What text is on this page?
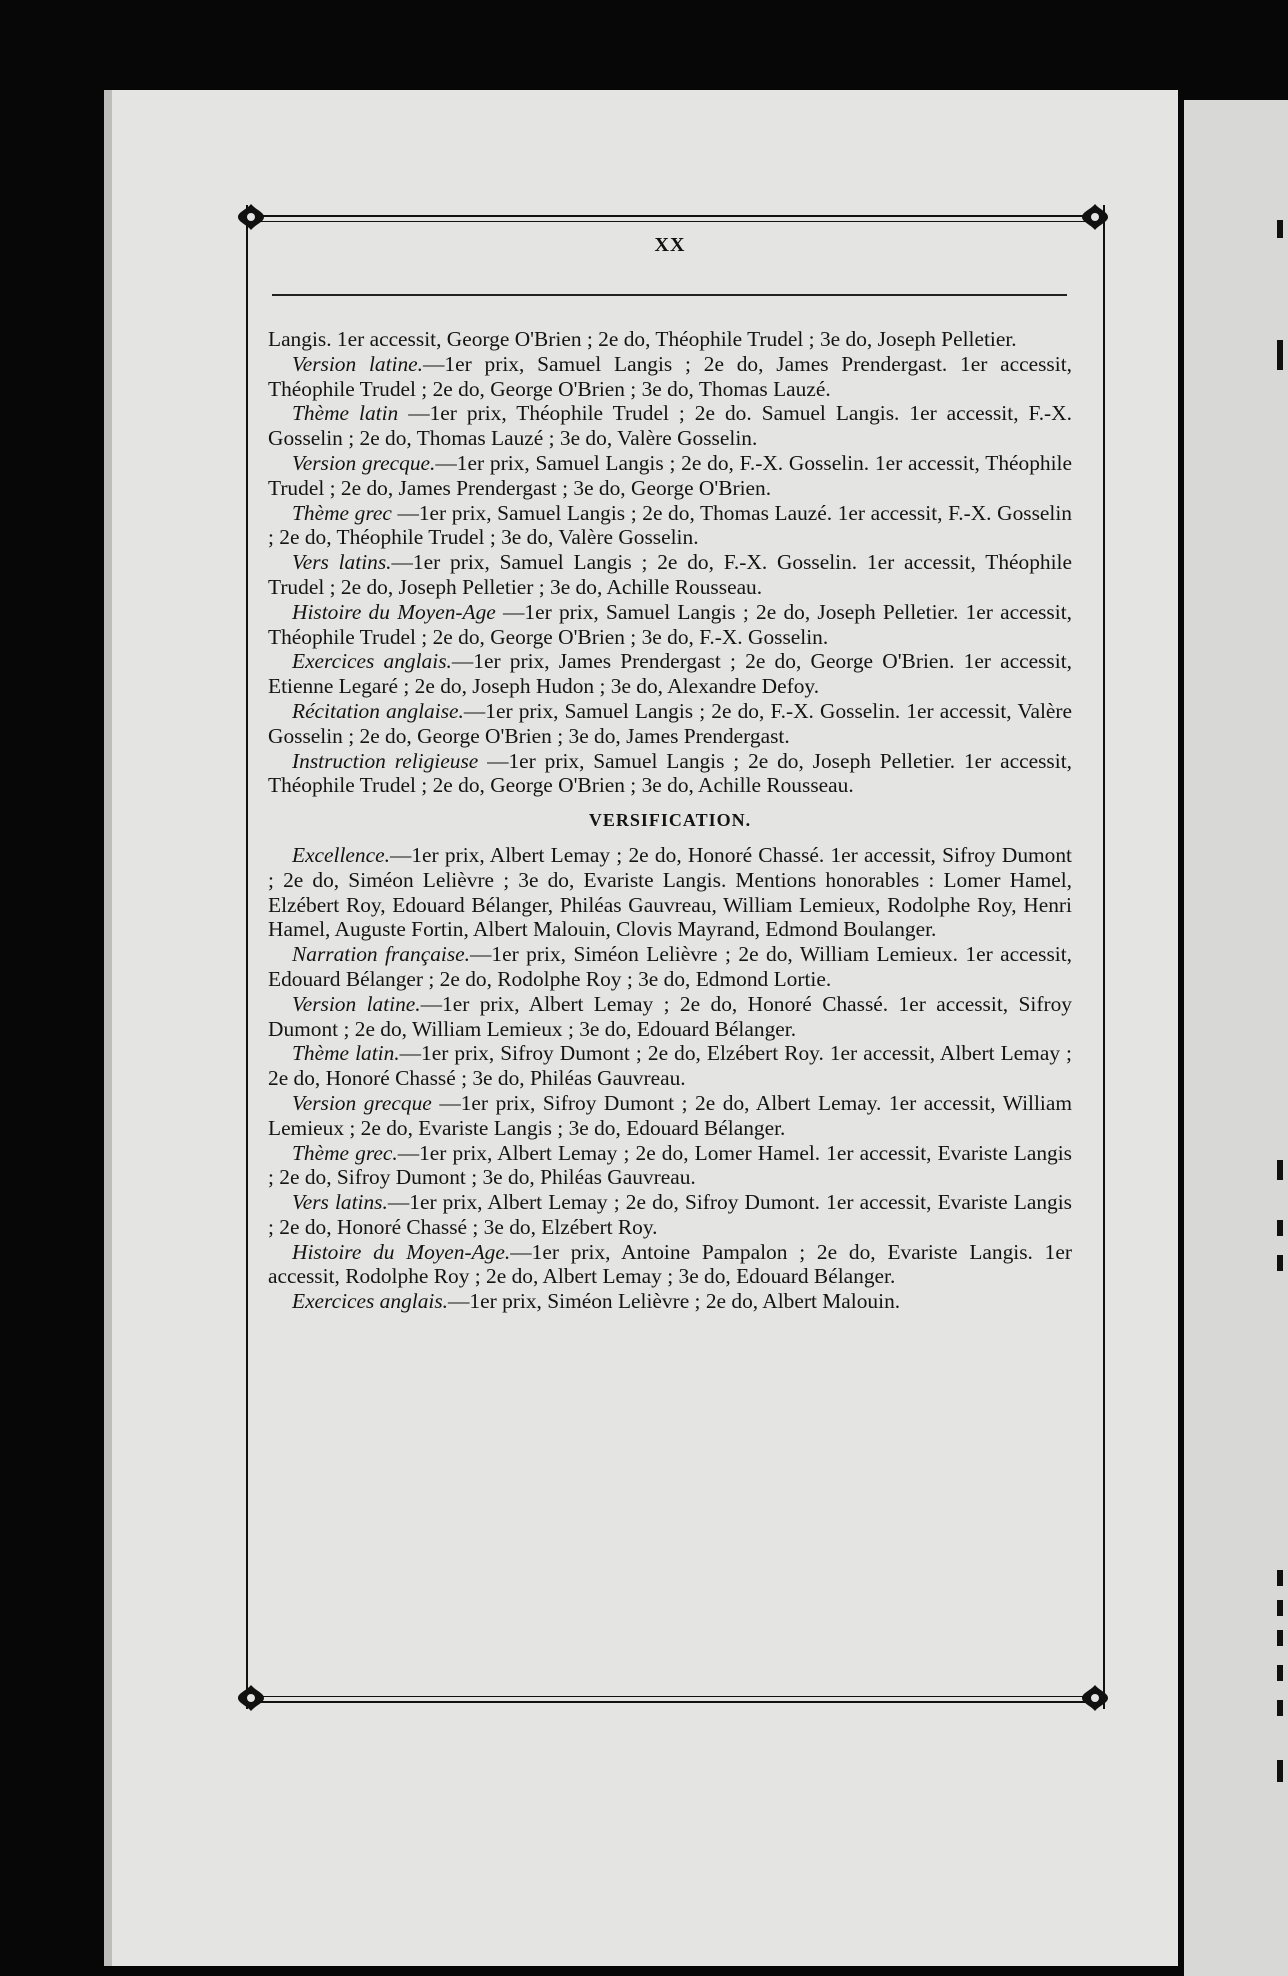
XX

Langis. 1er accessit, George O'Brien ; 2e do, Théophile Trudel ; 3e do, Joseph Pelletier.

Version latine.—1er prix, Samuel Langis ; 2e do, James Prendergast. 1er accessit, Théophile Trudel ; 2e do, George O'Brien ; 3e do, Thomas Lauzé.

Thème latin —1er prix, Théophile Trudel ; 2e do. Samuel Langis. 1er accessit, F.-X. Gosselin ; 2e do, Thomas Lauzé ; 3e do, Valère Gosselin.

Version grecque.—1er prix, Samuel Langis ; 2e do, F.-X. Gosselin. 1er accessit, Théophile Trudel ; 2e do, James Prendergast ; 3e do, George O'Brien.

Thème grec —1er prix, Samuel Langis ; 2e do, Thomas Lauzé. 1er accessit, F.-X. Gosselin ; 2e do, Théophile Trudel ; 3e do, Valère Gosselin.

Vers latins.—1er prix, Samuel Langis ; 2e do, F.-X. Gosselin. 1er accessit, Théophile Trudel ; 2e do, Joseph Pelletier ; 3e do, Achille Rousseau.

Histoire du Moyen-Age —1er prix, Samuel Langis ; 2e do, Joseph Pelletier. 1er accessit, Théophile Trudel ; 2e do, George O'Brien ; 3e do, F.-X. Gosselin.

Exercices anglais.—1er prix, James Prendergast ; 2e do, George O'Brien. 1er accessit, Etienne Legaré ; 2e do, Joseph Hudon ; 3e do, Alexandre Defoy.

Récitation anglaise.—1er prix, Samuel Langis ; 2e do, F.-X. Gosselin. 1er accessit, Valère Gosselin ; 2e do, George O'Brien ; 3e do, James Prendergast.

Instruction religieuse —1er prix, Samuel Langis ; 2e do, Joseph Pelletier. 1er accessit, Théophile Trudel ; 2e do, George O'Brien ; 3e do, Achille Rousseau.

VERSIFICATION.

Excellence.—1er prix, Albert Lemay ; 2e do, Honoré Chassé. 1er accessit, Sifroy Dumont ; 2e do, Siméon Lelièvre ; 3e do, Evariste Langis. Mentions honorables : Lomer Hamel, Elzébert Roy, Edouard Bélanger, Philéas Gauvreau, William Lemieux, Rodolphe Roy, Henri Hamel, Auguste Fortin, Albert Malouin, Clovis Mayrand, Edmond Boulanger.

Narration française.—1er prix, Siméon Lelièvre ; 2e do, William Lemieux. 1er accessit, Edouard Bélanger ; 2e do, Rodolphe Roy ; 3e do, Edmond Lortie.

Version latine.—1er prix, Albert Lemay ; 2e do, Honoré Chassé. 1er accessit, Sifroy Dumont ; 2e do, William Lemieux ; 3e do, Edouard Bélanger.

Thème latin.—1er prix, Sifroy Dumont ; 2e do, Elzébert Roy. 1er accessit, Albert Lemay ; 2e do, Honoré Chassé ; 3e do, Philéas Gauvreau.

Version grecque —1er prix, Sifroy Dumont ; 2e do, Albert Lemay. 1er accessit, William Lemieux ; 2e do, Evariste Langis ; 3e do, Edouard Bélanger.

Thème grec.—1er prix, Albert Lemay ; 2e do, Lomer Hamel. 1er accessit, Evariste Langis ; 2e do, Sifroy Dumont ; 3e do, Philéas Gauvreau.

Vers latins.—1er prix, Albert Lemay ; 2e do, Sifroy Dumont. 1er accessit, Evariste Langis ; 2e do, Honoré Chassé ; 3e do, Elzébert Roy.

Histoire du Moyen-Age.—1er prix, Antoine Pampalon ; 2e do, Evariste Langis. 1er accessit, Rodolphe Roy ; 2e do, Albert Lemay ; 3e do, Edouard Bélanger.

Exercices anglais.—1er prix, Siméon Lelièvre ; 2e do, Albert Malouin.
